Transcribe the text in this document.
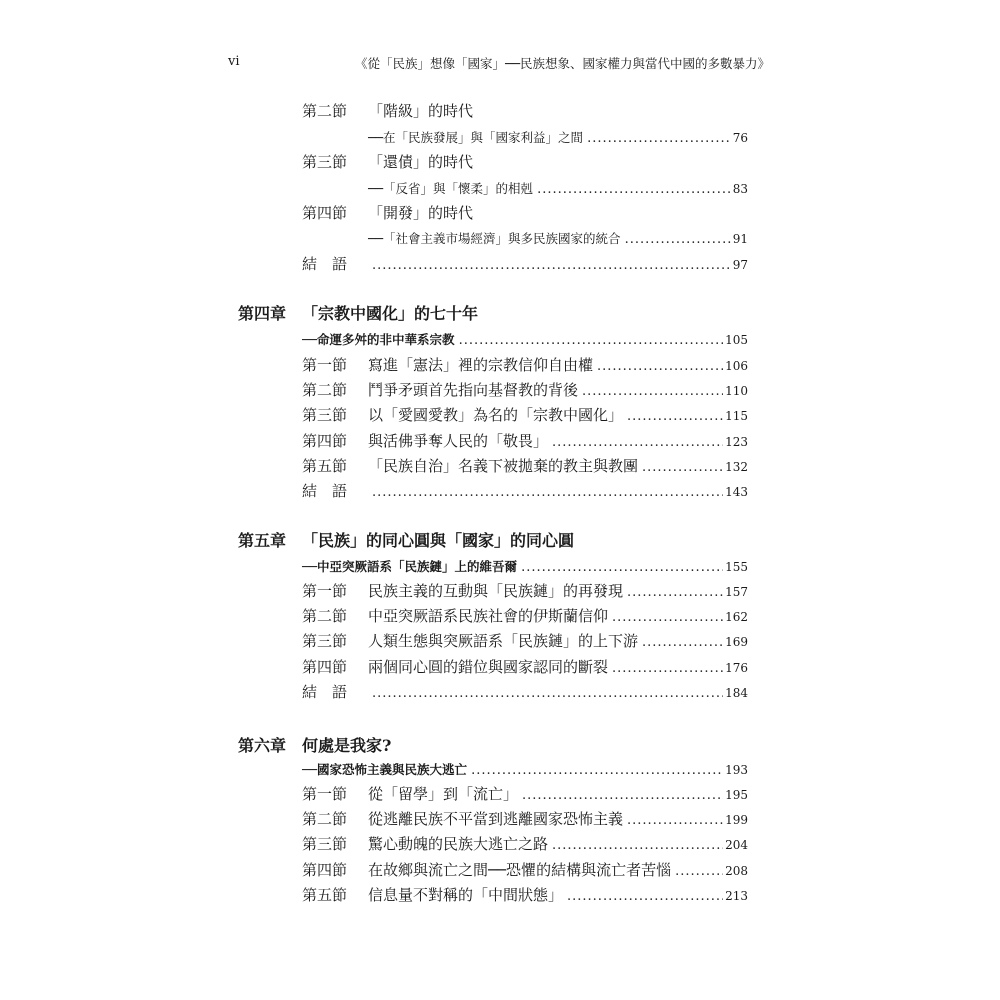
vi	《從「民族」想像「國家」──民族想象、國家權力與當代中國的多數暴力》
第二節 「階級」的時代
──在「民族發展」與「國家利益」之間 .....	76
第三節 「還債」的時代
──「反省」與「懷柔」的相剋 .....	83
第四節 「開發」的時代
──「社會主義市場經濟」與多民族國家的統合 .....	91
結　語 .....	97
第四章 「宗教中國化」的七十年
──命運多舛的非中華系宗教 .....	105
第一節	寫進「憲法」裡的宗教信仰自由權 .....	106
第二節	鬥爭矛頭首先指向基督教的背後 .....	110
第三節	以「愛國愛教」為名的「宗教中國化」 .....	115
第四節	與活佛爭奪人民的「敬畏」 .....	123
第五節	「民族自治」名義下被拋棄的教主與教團 .....	132
結　語 .....	143
第五章 「民族」的同心圓與「國家」的同心圓
──中亞突厥語系「民族鏈」上的維吾爾 .....	155
第一節	民族主義的互動與「民族鏈」的再發現 .....	157
第二節	中亞突厥語系民族社會的伊斯蘭信仰 .....	162
第三節	人類生態與突厥語系「民族鏈」的上下游 .....	169
第四節	兩個同心圓的錯位與國家認同的斷裂 .....	176
結　語 .....	184
第六章 何處是我家?
──國家恐怖主義與民族大逃亡 .....	193
第一節	從「留學」到「流亡」 .....	195
第二節	從逃離民族不平當到逃離國家恐怖主義 .....	199
第三節	驚心動魄的民族大逃亡之路 .....	204
第四節	在故鄉與流亡之間──恐懼的結構與流亡者苦惱 .....	208
第五節	信息量不對稱的「中間狀態」 .....	213
